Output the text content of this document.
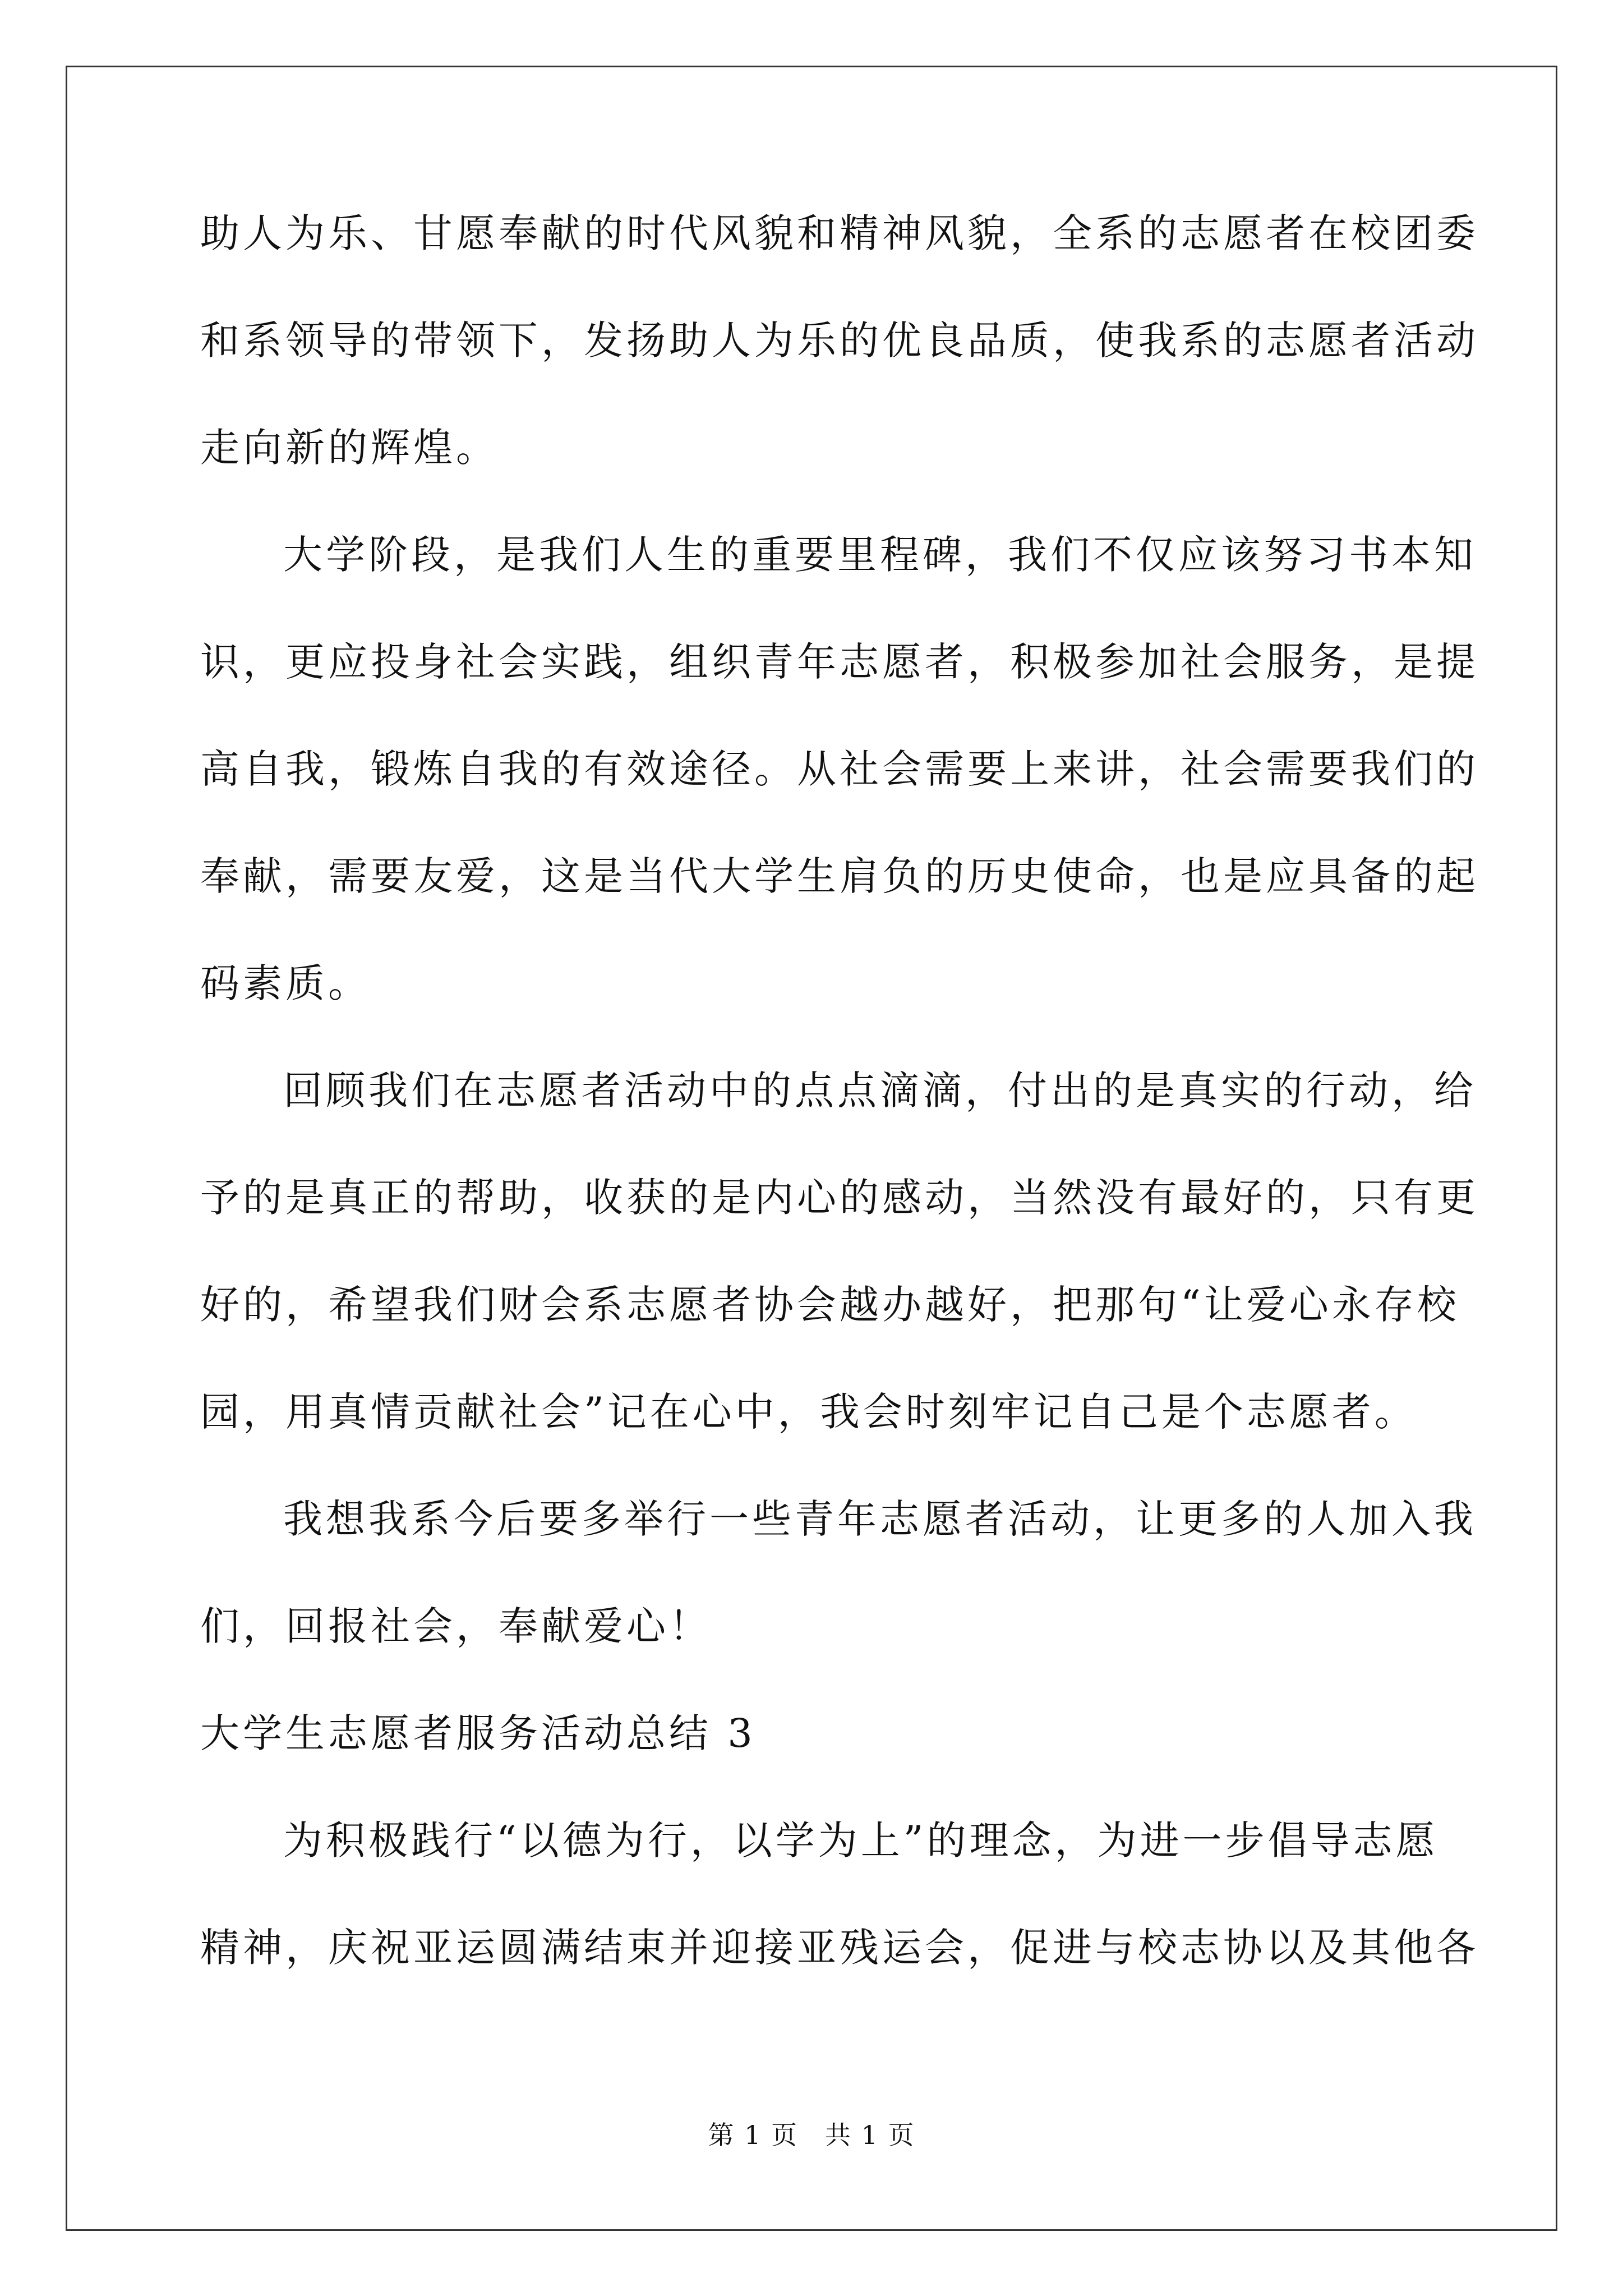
助人为乐、甘愿奉献的时代风貌和精神风貌，全系的志愿者在校团委
和系领导的带领下，发扬助人为乐的优良品质，使我系的志愿者活动
走向新的辉煌。
大学阶段，是我们人生的重要里程碑，我们不仅应该努习书本知
识，更应投身社会实践，组织青年志愿者，积极参加社会服务，是提
高自我，锻炼自我的有效途径。从社会需要上来讲，社会需要我们的
奉献，需要友爱，这是当代大学生肩负的历史使命，也是应具备的起
码素质。
回顾我们在志愿者活动中的点点滴滴，付出的是真实的行动，给
予的是真正的帮助，收获的是内心的感动，当然没有最好的，只有更
好的，希望我们财会系志愿者协会越办越好，把那句“让爱心永存校
园，用真情贡献社会”记在心中，我会时刻牢记自己是个志愿者。
我想我系今后要多举行一些青年志愿者活动，让更多的人加入我
们，回报社会，奉献爱心！
大学生志愿者服务活动总结 3
为积极践行“以德为行，以学为上”的理念，为进一步倡导志愿
精神，庆祝亚运圆满结束并迎接亚残运会，促进与校志协以及其他各
第 1 页　共 1 页
